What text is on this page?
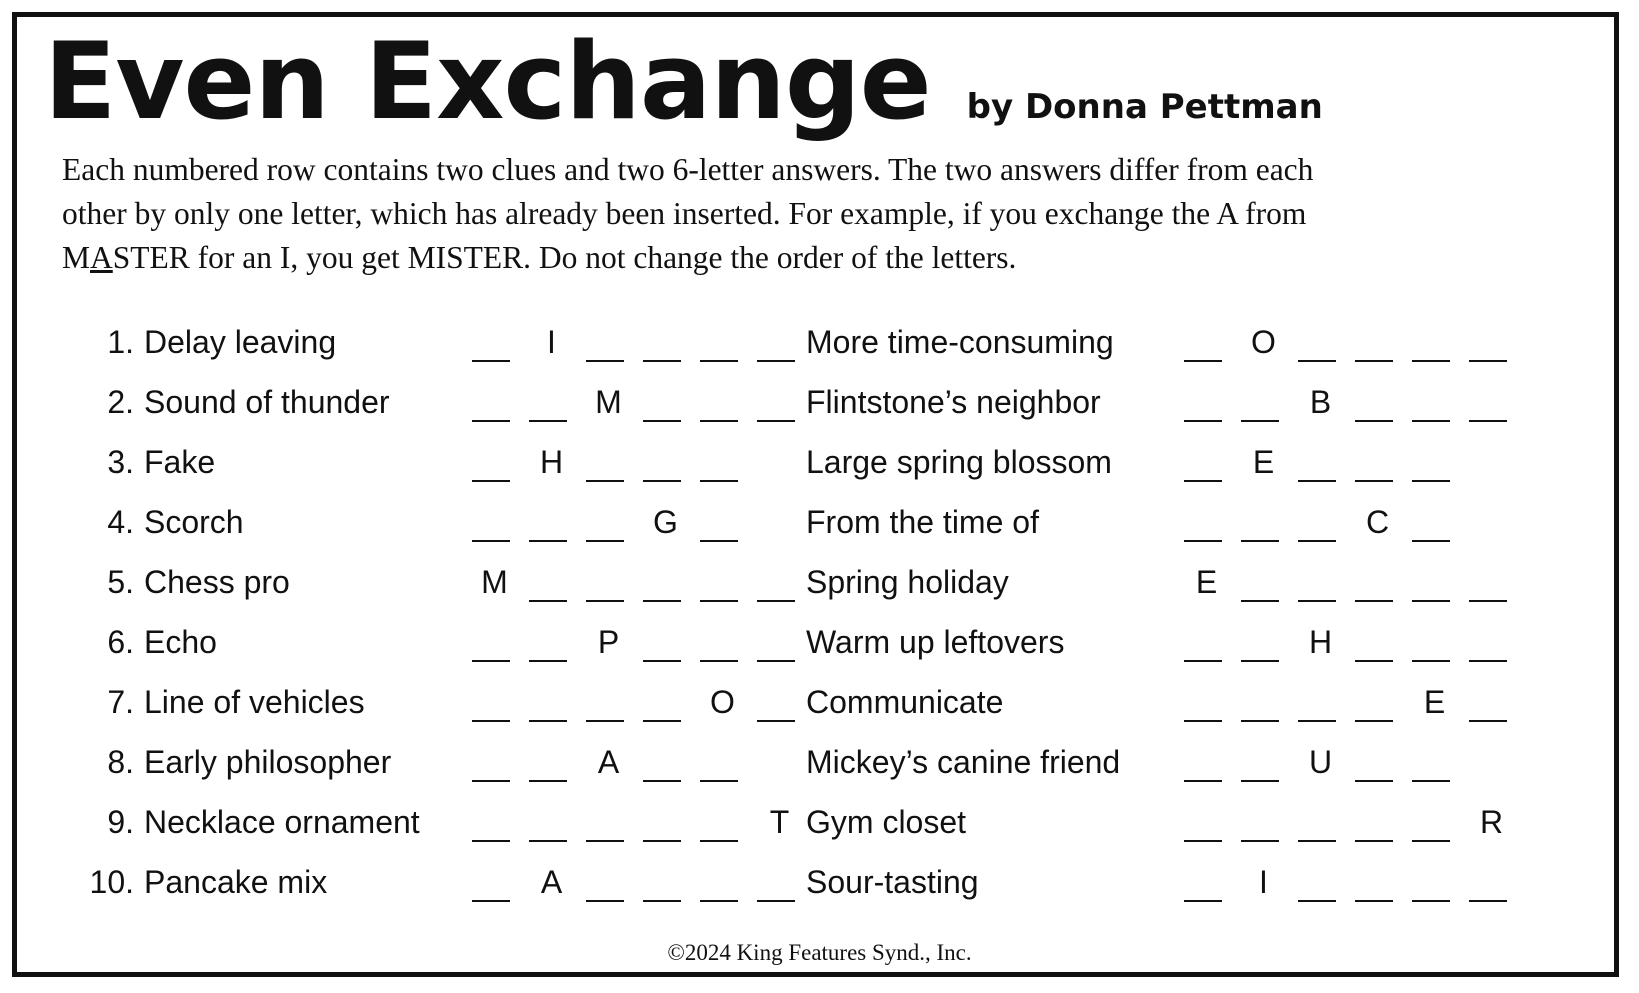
Even Exchange by Donna Pettman

Each numbered row contains two clues and two 6-letter answers. The two answers differ from each
other by only one letter, which has already been inserted. For example, if you exchange the A from
MASTER for an I, you get MISTER. Do not change the order of the letters.

1. Delay leaving	I	More time-consuming	O
2. Sound of thunder	M	Flintstone’s neighbor	B
3. Fake	H	Large spring blossom	E
4. Scorch	G	From the time of	C
5. Chess pro	M	Spring holiday	E
6. Echo	P	Warm up leftovers	H
7. Line of vehicles	O	Communicate	E
8. Early philosopher	A	Mickey’s canine friend	U
9. Necklace ornament	T Gym closet	R
10. Pancake mix	A	Sour-tasting	I
©2024 King Features Synd., Inc.
